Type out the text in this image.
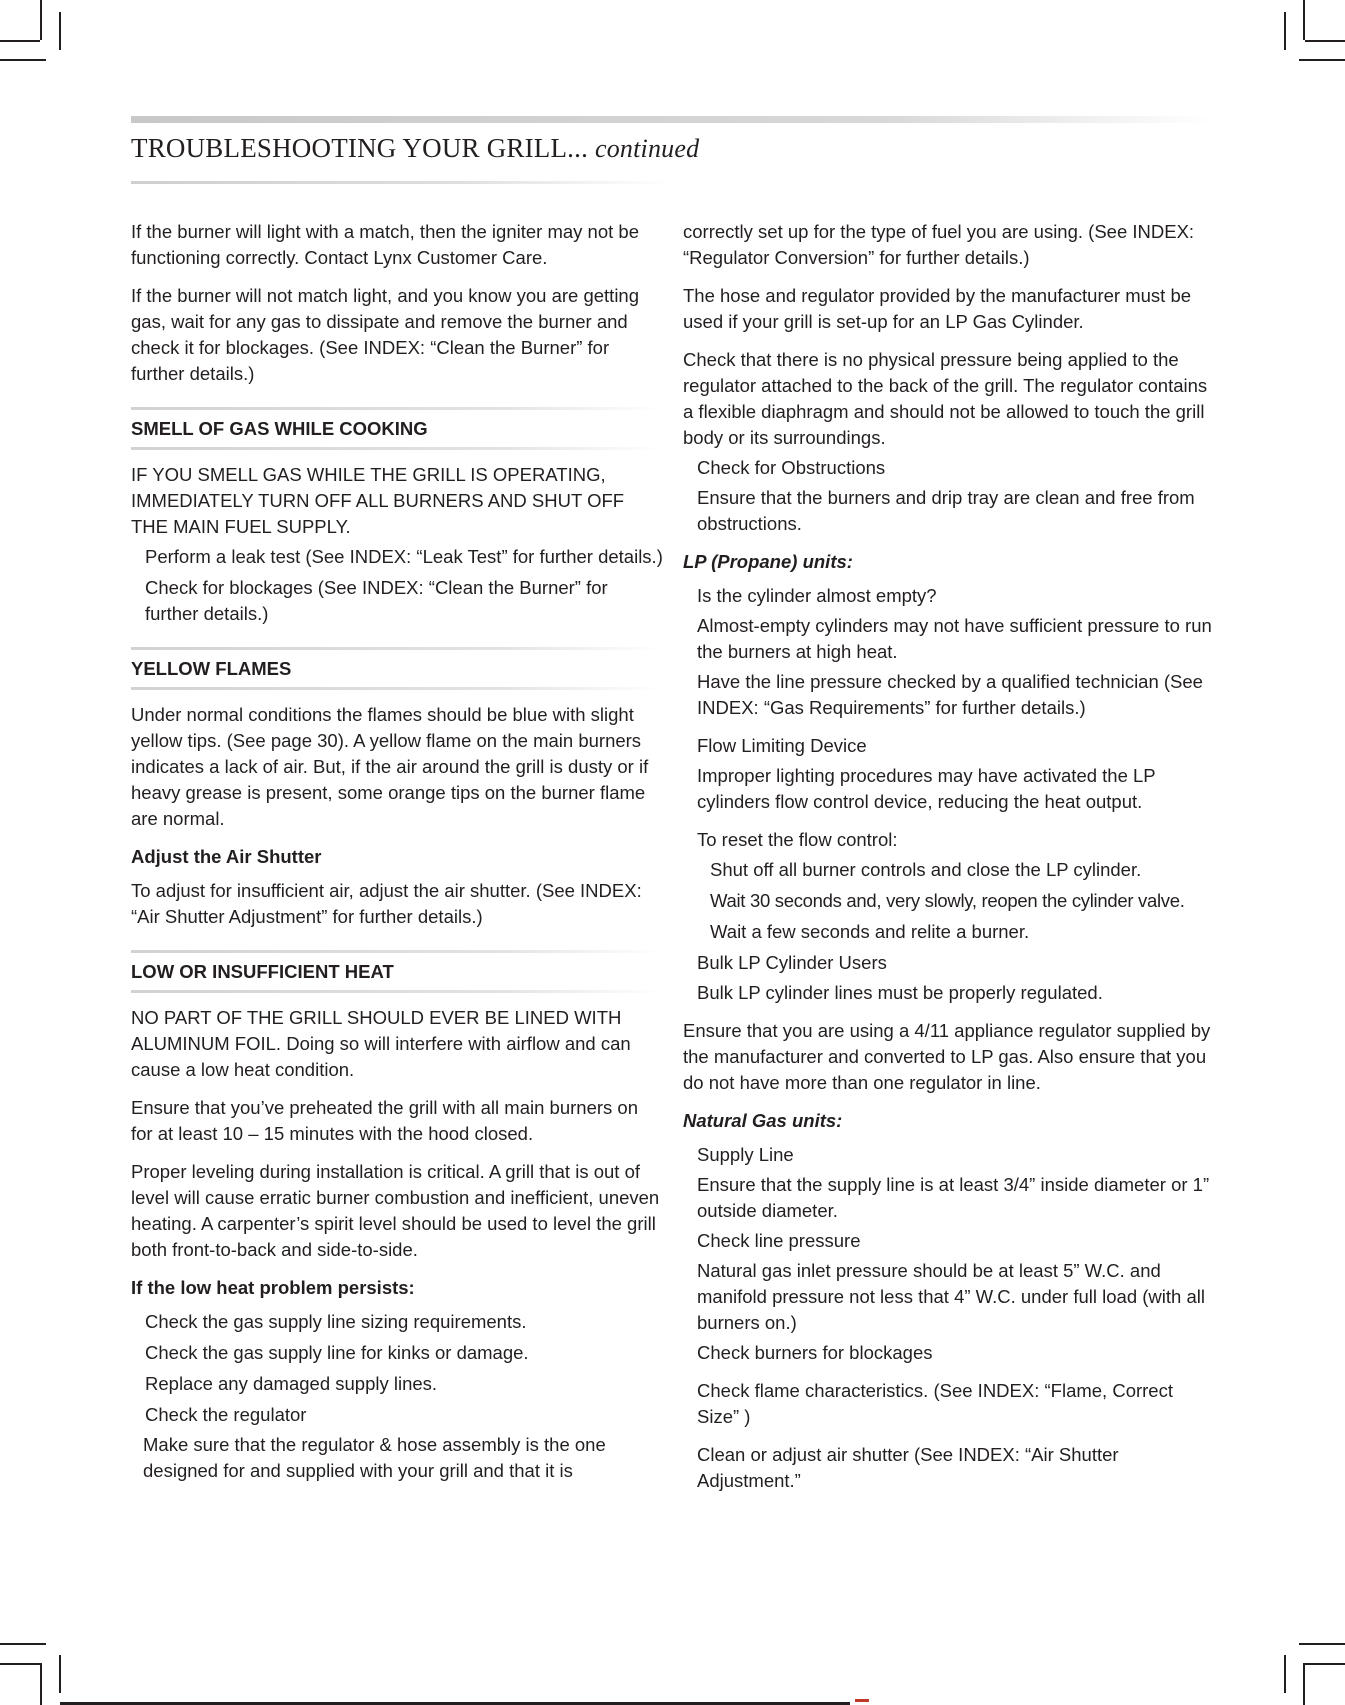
TROUBLESHOOTING YOUR GRILL... continued

If the burner will light with a match, then the igniter may not be functioning correctly. Contact Lynx Customer Care.

If the burner will not match light, and you know you are getting gas, wait for any gas to dissipate and remove the burner and check it for blockages. (See INDEX: “Clean the Burner” for further details.)

SMELL OF GAS WHILE COOKING

IF YOU SMELL GAS WHILE THE GRILL IS OPERATING, IMMEDIATELY TURN OFF ALL BURNERS AND SHUT OFF THE MAIN FUEL SUPPLY.

Perform a leak test (See INDEX: “Leak Test” for further details.)

Check for blockages (See INDEX: “Clean the Burner” for further details.)

YELLOW FLAMES

Under normal conditions the flames should be blue with slight yellow tips. (See page 30). A yellow flame on the main burners indicates a lack of air. But, if the air around the grill is dusty or if heavy grease is present, some orange tips on the burner flame are normal.

Adjust the Air Shutter

To adjust for insufficient air, adjust the air shutter. (See INDEX: “Air Shutter Adjustment” for further details.)

LOW OR INSUFFICIENT HEAT

NO PART OF THE GRILL SHOULD EVER BE LINED WITH ALUMINUM FOIL. Doing so will interfere with airflow and can cause a low heat condition.

Ensure that you’ve preheated the grill with all main burners on for at least 10 – 15 minutes with the hood closed.

Proper leveling during installation is critical. A grill that is out of level will cause erratic burner combustion and inefficient, uneven heating. A carpenter’s spirit level should be used to level the grill both front-to-back and side-to-side.

If the low heat problem persists:

Check the gas supply line sizing requirements.

Check the gas supply line for kinks or damage.

Replace any damaged supply lines.

Check the regulator

Make sure that the regulator & hose assembly is the one designed for and supplied with your grill and that it is

correctly set up for the type of fuel you are using. (See INDEX: “Regulator Conversion” for further details.)

The hose and regulator provided by the manufacturer must be used if your grill is set-up for an LP Gas Cylinder.

Check that there is no physical pressure being applied to the regulator attached to the back of the grill. The regulator contains a flexible diaphragm and should not be allowed to touch the grill body or its surroundings.

Check for Obstructions

Ensure that the burners and drip tray are clean and free from obstructions.

LP (Propane) units:

Is the cylinder almost empty?

Almost-empty cylinders may not have sufficient pressure to run the burners at high heat.

Have the line pressure checked by a qualified technician (See INDEX: “Gas Requirements” for further details.)

Flow Limiting Device

Improper lighting procedures may have activated the LP cylinders flow control device, reducing the heat output.

To reset the flow control:

Shut off all burner controls and close the LP cylinder.

Wait 30 seconds and, very slowly, reopen the cylinder valve.

Wait a few seconds and relite a burner.

Bulk LP Cylinder Users

Bulk LP cylinder lines must be properly regulated.

Ensure that you are using a 4/11 appliance regulator supplied by the manufacturer and converted to LP gas. Also ensure that you do not have more than one regulator in line.

Natural Gas units:

Supply Line

Ensure that the supply line is at least 3/4” inside diameter or 1” outside diameter.

Check line pressure

Natural gas inlet pressure should be at least 5” W.C. and manifold pressure not less that 4” W.C. under full load (with all burners on.)

Check burners for blockages

Check flame characteristics. (See INDEX: “Flame, Correct Size” )

Clean or adjust air shutter (See INDEX: “Air Shutter Adjustment.”
